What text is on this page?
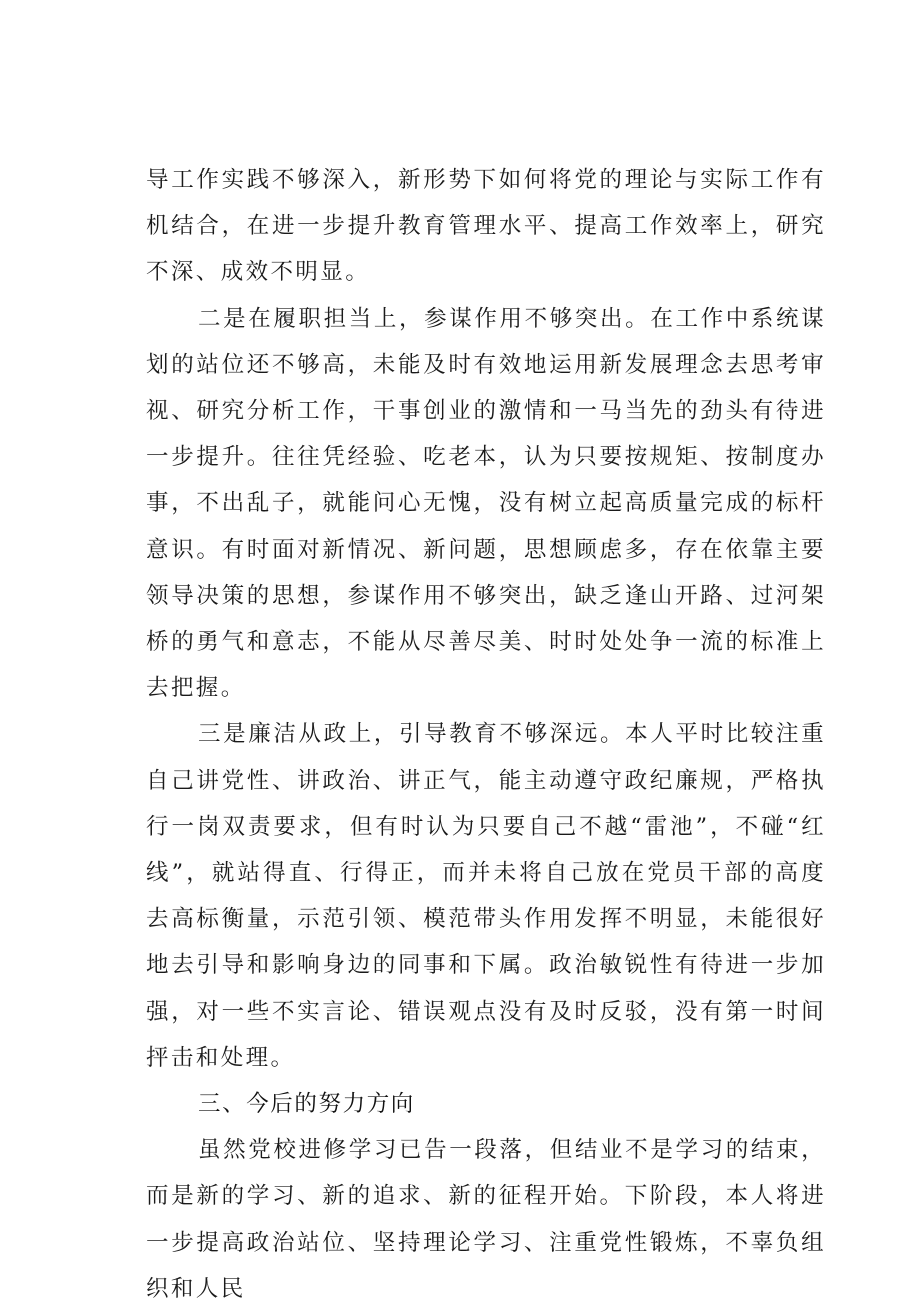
导工作实践不够深入，新形势下如何将党的理论与实际工作有机结合，在进一步提升教育管理水平、提高工作效率上，研究不深、成效不明显。

二是在履职担当上，参谋作用不够突出。在工作中系统谋划的站位还不够高，未能及时有效地运用新发展理念去思考审视、研究分析工作，干事创业的激情和一马当先的劲头有待进一步提升。往往凭经验、吃老本，认为只要按规矩、按制度办事，不出乱子，就能问心无愧，没有树立起高质量完成的标杆意识。有时面对新情况、新问题，思想顾虑多，存在依靠主要领导决策的思想，参谋作用不够突出，缺乏逢山开路、过河架桥的勇气和意志，不能从尽善尽美、时时处处争一流的标准上去把握。

三是廉洁从政上，引导教育不够深远。本人平时比较注重自己讲党性、讲政治、讲正气，能主动遵守政纪廉规，严格执行一岗双责要求，但有时认为只要自己不越“雷池”，不碰“红线”，就站得直、行得正，而并未将自己放在党员干部的高度去高标衡量，示范引领、模范带头作用发挥不明显，未能很好地去引导和影响身边的同事和下属。政治敏锐性有待进一步加强，对一些不实言论、错误观点没有及时反驳，没有第一时间抨击和处理。

三、今后的努力方向

虽然党校进修学习已告一段落，但结业不是学习的结束，而是新的学习、新的追求、新的征程开始。下阶段，本人将进一步提高政治站位、坚持理论学习、注重党性锻炼，不辜负组织和人民
